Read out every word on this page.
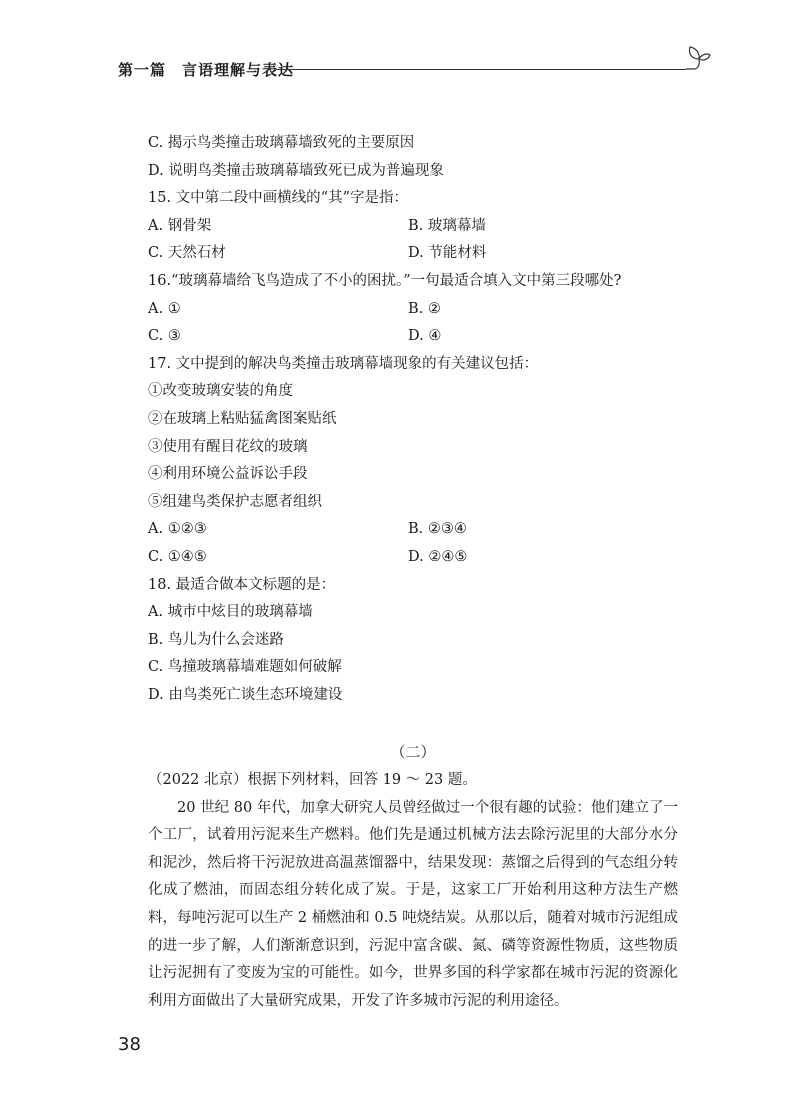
第一篇　言语理解与表达
C. 揭示鸟类撞击玻璃幕墙致死的主要原因
D. 说明鸟类撞击玻璃幕墙致死已成为普遍现象
15. 文中第二段中画横线的“其”字是指：
A. 钢骨架	B. 玻璃幕墙
C. 天然石材	D. 节能材料
16.“玻璃幕墙给飞鸟造成了不小的困扰。”一句最适合填入文中第三段哪处?
A. ①	B. ②
C. ③	D. ④
17. 文中提到的解决鸟类撞击玻璃幕墙现象的有关建议包括：
①改变玻璃安装的角度
②在玻璃上粘贴猛禽图案贴纸
③使用有醒目花纹的玻璃
④利用环境公益诉讼手段
⑤组建鸟类保护志愿者组织
A. ①②③	B. ②③④
C. ①④⑤	D. ②④⑤
18. 最适合做本文标题的是：
A. 城市中炫目的玻璃幕墙
B. 鸟儿为什么会迷路
C. 鸟撞玻璃幕墙难题如何破解
D. 由鸟类死亡谈生态环境建设
（二）
（2022 北京）根据下列材料，回答 19 ～ 23 题。

20 世纪 80 年代，加拿大研究人员曾经做过一个很有趣的试验：他们建立了一个工厂，试着用污泥来生产燃料。他们先是通过机械方法去除污泥里的大部分水分和泥沙，然后将干污泥放进高温蒸馏器中，结果发现：蒸馏之后得到的气态组分转化成了燃油，而固态组分转化成了炭。于是，这家工厂开始利用这种方法生产燃料，每吨污泥可以生产 2 桶燃油和 0.5 吨烧结炭。从那以后，随着对城市污泥组成的进一步了解，人们渐渐意识到，污泥中富含碳、氮、磷等资源性物质，这些物质让污泥拥有了变废为宝的可能性。如今，世界多国的科学家都在城市污泥的资源化利用方面做出了大量研究成果，开发了许多城市污泥的利用途径。

38
